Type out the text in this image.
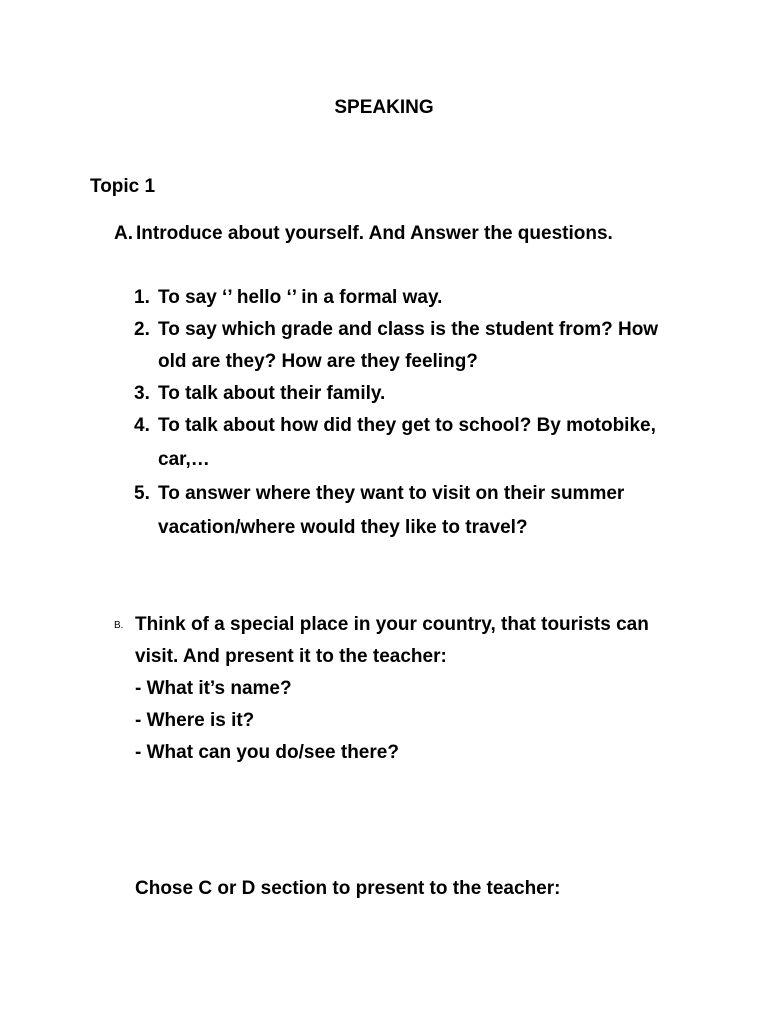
SPEAKING
Topic 1
A. Introduce about yourself. And Answer the questions.
1. To say ‘’ hello ‘’ in a formal way.
2. To say which grade and class is the student from? How
old are they? How are they feeling?
3. To talk about their family.
4. To talk about how did they get to school? By motobike,
car,…
5. To answer where they want to visit on their summer
vacation/where would they like to travel?
B. Think of a special place in your country, that tourists can
visit. And present it to the teacher:
- What it’s name?
- Where is it?
- What can you do/see there?
Chose C or D section to present to the teacher:
